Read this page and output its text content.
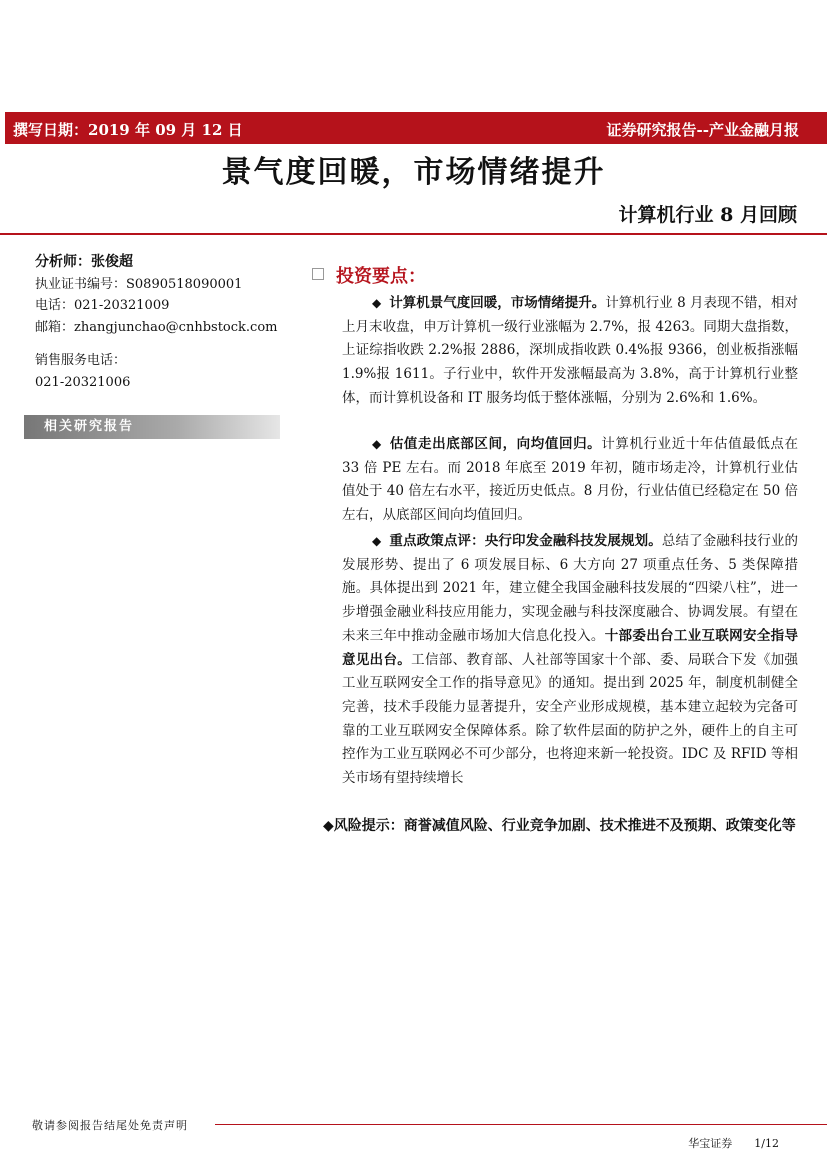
撰写日期：2019 年 09 月 12 日	证券研究报告--产业金融月报
景气度回暖，市场情绪提升
计算机行业 8 月回顾
分析师：张俊超
执业证书编号：S0890518090001
电话：021-20321009
邮箱：zhangjunchao@cnhbstock.com
销售服务电话：
021-20321006
相关研究报告
投资要点：
◆ 计算机景气度回暖，市场情绪提升。计算机行业 8 月表现不错，相对上月末收盘，申万计算机一级行业涨幅为 2.7%，报 4263。同期大盘指数，上证综指收跌 2.2%报 2886，深圳成指收跌 0.4%报 9366，创业板指涨幅 1.9%报 1611。子行业中，软件开发涨幅最高为 3.8%，高于计算机行业整体，而计算机设备和 IT 服务均低于整体涨幅，分别为 2.6%和 1.6%。
◆ 估值走出底部区间，向均值回归。计算机行业近十年估值最低点在 33 倍 PE 左右。而 2018 年底至 2019 年初，随市场走冷，计算机行业估值处于 40 倍左右水平，接近历史低点。8 月份，行业估值已经稳定在 50 倍左右，从底部区间向均值回归。
◆ 重点政策点评：央行印发金融科技发展规划。总结了金融科技行业的发展形势、提出了 6 项发展目标、6 大方向 27 项重点任务、5 类保障措施。具体提出到 2021 年，建立健全我国金融科技发展的“四梁八柱”，进一步增强金融业科技应用能力，实现金融与科技深度融合、协调发展。有望在未来三年中推动金融市场加大信息化投入。十部委出台工业互联网安全指导意见出台。工信部、教育部、人社部等国家十个部、委、局联合下发《加强工业互联网安全工作的指导意见》的通知。提出到 2025 年，制度机制健全完善，技术手段能力显著提升，安全产业形成规模，基本建立起较为完备可靠的工业互联网安全保障体系。除了软件层面的防护之外，硬件上的自主可控作为工业互联网必不可少部分，也将迎来新一轮投资。IDC 及 RFID 等相关市场有望持续增长
◆风险提示：商誉减值风险、行业竞争加剧、技术推进不及预期、政策变化等
敬请参阅报告结尾处免责声明
华宝证券 1/12
